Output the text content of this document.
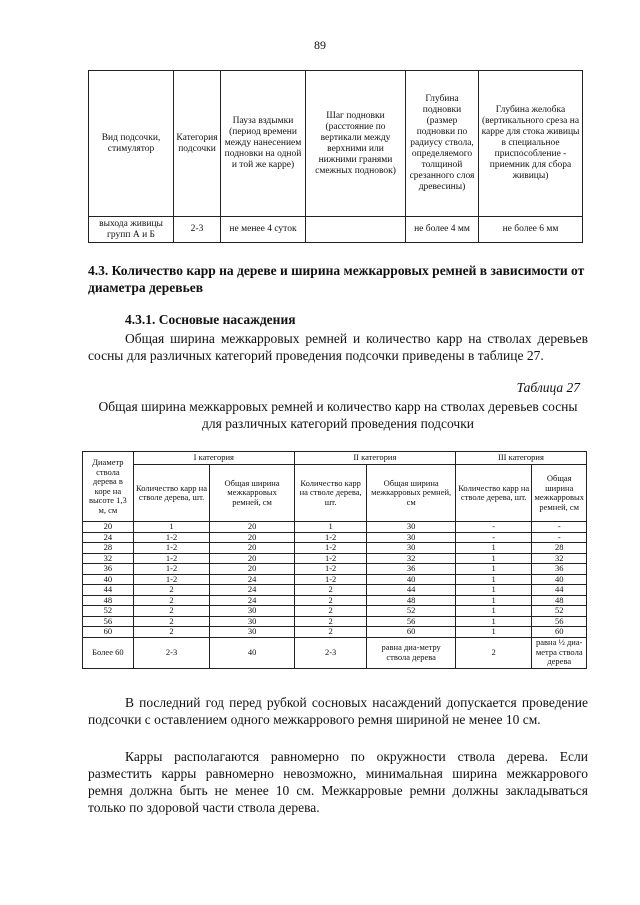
89
Вид подсочки, стимулятор	Категория подсочки	Пауза вздымки (период времени между нанесением подновки на одной и той же карре)	Шаг подновки (расстояние по вертикали между верхними или нижними гранями смежных подновок)	Глубина подновки (размер подновки по радиусу ствола, определяемого толщиной срезанного слоя древесины)	Глубина желобка (вертикального среза на карре для стока живицы в специальное приспособление - приемник для сбора живицы)
выхода живицы групп А и Б	2-3	не менее 4 суток		не более 4 мм	не более 6 мм
4.3. Количество карр на дереве и ширина межкарровых ремней в зависимости от диаметра деревьев
4.3.1. Сосновые насаждения
Общая ширина межкарровых ремней и количество карр на стволах деревьев сосны для различных категорий проведения подсочки приведены в таблице 27.
Таблица 27
Общая ширина межкарровых ремней и количество карр на стволах деревьев сосны для различных категорий проведения подсочки
Диаметр ствола дерева в коре на высоте 1,3 м, см	I категория		II категория		III категория	
	Количество карр на стволе дерева, шт.	Общая ширина межкарровых ремней, см	Количество карр на стволе дерева, шт.	Общая ширина межкарровых ремней, см	Количество карр на стволе дерева, шт.	Общая ширина межкарровых ремней, см
20	1	20	1	30	-	-
24	1-2	20	1-2	30	-	-
28	1-2	20	1-2	30	1	28
32	1-2	20	1-2	32	1	32
36	1-2	20	1-2	36	1	36
40	1-2	24	1-2	40	1	40
44	2	24	2	44	1	44
48	2	24	2	48	1	48
52	2	30	2	52	1	52
56	2	30	2	56	1	56
60	2	30	2	60	1	60
Более 60	2-3	40	2-3	равна диа-метру ствола дерева	2	равна ½ диа-метра ствола дерева
В последний год перед рубкой сосновых насаждений допускается проведение подсочки с оставлением одного межкаррового ремня шириной не менее 10 см.
Карры располагаются равномерно по окружности ствола дерева. Если разместить карры равномерно невозможно, минимальная ширина межкаррового ремня должна быть не менее 10 см. Межкарровые ремни должны закладываться только по здоровой части ствола дерева.
